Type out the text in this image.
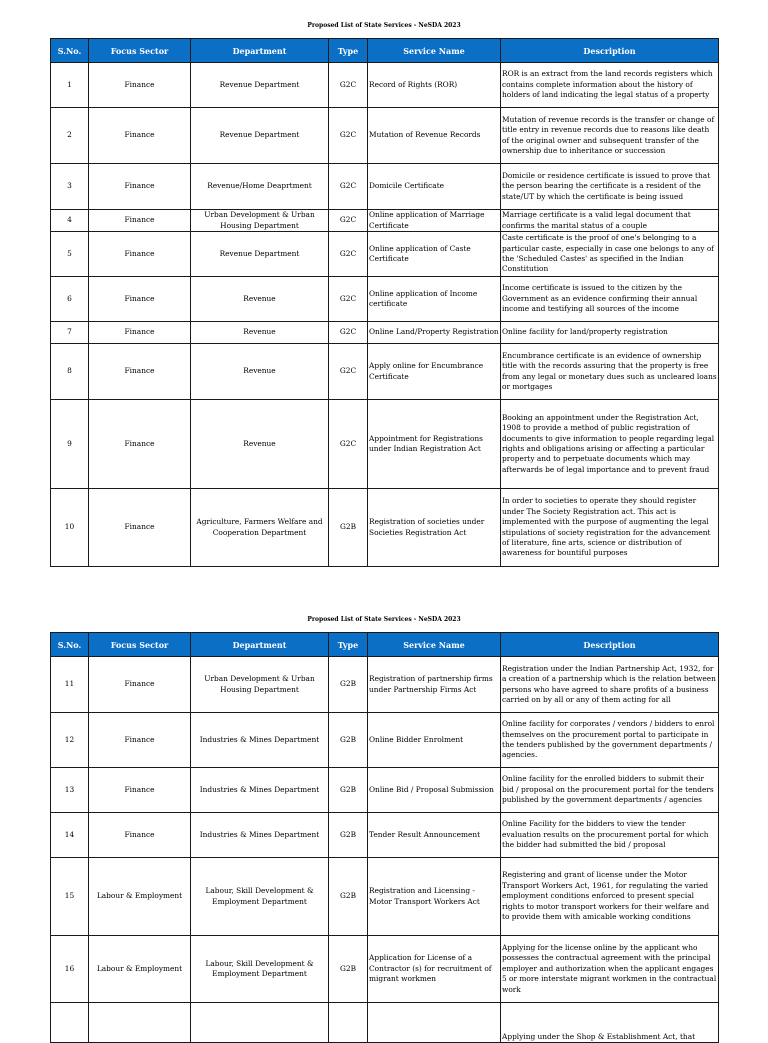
Proposed List of State Services - NeSDA 2023
S.No.	Focus Sector	Department	Type	Service Name	Description
1	Finance	Revenue Department	G2C	Record of Rights (ROR)	ROR is an extract from the land records registers which contains complete information about the history of holders of land indicating the legal status of a property
2	Finance	Revenue Department	G2C	Mutation of Revenue Records	Mutation of revenue records is the transfer or change of title entry in revenue records due to reasons like death of the original owner and subsequent transfer of the ownership due to inheritance or succession
3	Finance	Revenue/Home Deaprtment	G2C	Domicile Certificate	Domicile or residence certificate is issued to prove that the person bearing the certificate is a resident of the state/UT by which the certificate is being issued
4	Finance	Urban Development & Urban Housing Department	G2C	Online application of Marriage Certificate	Marriage certificate is a valid legal document that confirms the marital status of a couple
5	Finance	Revenue Department	G2C	Online application of Caste Certificate	Caste certificate is the proof of one's belonging to a particular caste, especially in case one belongs to any of the 'Scheduled Castes' as specified in the Indian Constitution
6	Finance	Revenue	G2C	Online application of Income certificate	Income certificate is issued to the citizen by the Government as an evidence confirming their annual income and testifying all sources of the income
7	Finance	Revenue	G2C	Online Land/Property Registration	Online facility for land/property registration
8	Finance	Revenue	G2C	Apply online for Encumbrance Certificate	Encumbrance certificate is an evidence of ownership title with the records assuring that the property is free from any legal or monetary dues such as uncleared loans or mortgages
9	Finance	Revenue	G2C	Appointment for Registrations under Indian Registration Act	Booking an appointment under the Registration Act, 1908 to provide a method of public registration of documents to give information to people regarding legal rights and obligations arising or affecting a particular property and to perpetuate documents which may afterwards be of legal importance and to prevent fraud
10	Finance	Agriculture, Farmers Welfare and Cooperation Department	G2B	Registration of societies under Societies Registration Act	In order to societies to operate they should register under The Society Registration act. This act is implemented with the purpose of augmenting the legal stipulations of society registration for the advancement of literature, fine arts, science or distribution of awareness for bountiful purposes
Proposed List of State Services - NeSDA 2023
S.No.	Focus Sector	Department	Type	Service Name	Description
11	Finance	Urban Development & Urban Housing Department	G2B	Registration of partnership firms under Partnership Firms Act	Registration under the Indian Partnership Act, 1932, for a creation of a partnership which is the relation between persons who have agreed to share profits of a business carried on by all or any of them acting for all
12	Finance	Industries & Mines Department	G2B	Online Bidder Enrolment	Online facility for corporates / vendors / bidders to enrol themselves on the procurement portal to participate in the tenders published by the government departments / agencies.
13	Finance	Industries & Mines Department	G2B	Online Bid / Proposal Submission	Online facility for the enrolled bidders to submit their bid / proposal on the procurement portal for the tenders published by the government departments / agencies
14	Finance	Industries & Mines Department	G2B	Tender Result Announcement	Online Facility for the bidders to view the tender evaluation results on the procurement portal for which the bidder had submitted the bid / proposal
15	Labour & Employment	Labour, Skill Development & Employment Department	G2B	Registration and Licensing - Motor Transport Workers Act	Registering and grant of license under the Motor Transport Workers Act, 1961, for regulating the varied employment conditions enforced to present special rights to motor transport workers for their welfare and to provide them with amicable working conditions
16	Labour & Employment	Labour, Skill Development & Employment Department	G2B	Application for License of a Contractor (s) for recruitment of migrant workmen	Applying for the license online by the applicant who possesses the contractual agreement with the principal employer and authorization when the applicant engages 5 or more interstate migrant workmen in the contractual work
					Applying under the Shop & Establishment Act, that
